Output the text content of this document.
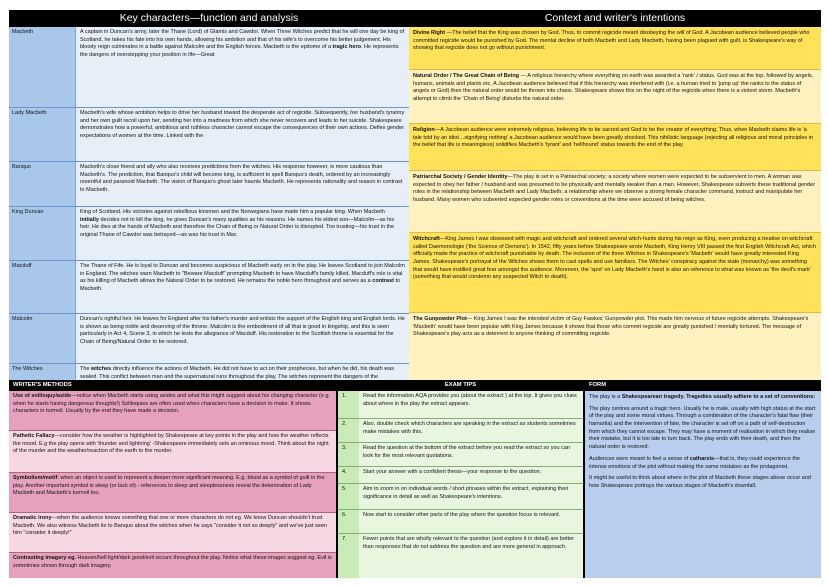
Key characters—function and analysis
Macbeth	A captain in Duncan's army, later the Thane (Lord) of Glamis and Cawdor. When Three Witches predict that he will one day be king of Scotland, he takes his fate into his own hands, allowing his ambition and that of his wife's to overcome his better judgement. His bloody reign culminates in a battle against Malcolm and the English forces. Macbeth is the epitome of a tragic hero. He represents the dangers of overstepping your position in life—Great
Lady Macbeth	Macbeth's wife whose ambition helps to drive her husband toward the desperate act of regicide. Subsequently, her husband's tyranny and her own guilt recoil upon her, sending her into a madness from which she never recovers and leads to her suicide. Shakespeare demonstrates how a powerful, ambitious and ruthless character cannot escape the consequences of their own actions. Defies gender expectations of women at the time. Linked with the
Banquo	Macbeth's close friend and ally who also receives predictions from the witches. His response however, is more cautious than Macbeth's. The prediction, that Banquo's child will become king, is sufficient to spell Banquo's death, ordered by an increasingly resentful and paranoid Macbeth. The vision of Banquo's ghost later haunts Macbeth. He represents rationality and reason in contrast to Macbeth.
King Duncan	King of Scotland. His victories against rebellious kinsmen and the Norwegians have made him a popular king. When Macbeth initially decides not to kill the king, he gives Duncan's many qualities as his reasons. He names his eldest son—Malcolm—as his heir. He dies at the hands of Macbeth and therefore the Chain of Being or Natural Order is disrupted. Too trusting—his trust in the original Thane of Cawdor was betrayed—as was his trust in Mac
Macduff	The Thane of Fife. He is loyal to Duncan and becomes suspicious of Macbeth early on in the play. He leaves Scotland to join Malcolm in England. The witches warn Macbeth to "Beware Macduff" prompting Macbeth to have Macduff's family killed. Macduff's role is vital as his killing of Macbeth allows the Natural Order to be restored. He remains the noble hero throughout and serves as a contrast to Macbeth.
Malcolm	Duncan's rightful heir. He leaves for England after his father's murder and enlists the support of the English king and English lords. He is shown as being noble and deserving of the throne. Malcolm is the embodiment of all that is good in kingship, and this is seen particularly in Act 4, Scene 3, in which he tests the allegiance of Macduff. His restoration to the Scottish throne is essential for the Chain of Being/Natural Order to be restored.
The Witches	The witches directly influence the actions of Macbeth. He did not have to act on their prophecies, but when he did, his death was sealed. This conflict between man and the supernatural runs throughout the play. The witches represent the dangers of the
Context and writer's intentions
Divine Right —The belief that the King was chosen by God. Thus, to commit regicide meant disobeying the will of God. A Jacobean audience believed people who committed regicide would be punished by God. The mental decline of both Macbeth and Lady Macbeth, having been plagued with guilt, is Shakespeare's way of showing that regicide does not go without punishment.
Natural Order / The Great Chain of Being — A religious hierarchy where everything on earth was awarded a 'rank' / status. God was at the top, followed by angels, humans, animals and plants etc. A Jacobean audience believed that if this hierarchy was interfered with (i.e. a human tried to 'jump up' the ranks to the status of angels or God) then the natural order would be thrown into chaos. Shakespeare shows this on the night of the regicide when there is a violent storm. Macbeth's attempt to climb the 'Chain of Being' disturbs the natural order.
Religion—A Jacobean audience were extremely religious, believing life to be sacred and God to be the creator of everything. Thus, when Macbeth claims life is 'a tale told by an idiot…signifying nothing' a Jacobean audience would have been greatly shocked. This nihilistic language (rejecting all religious and moral principles in the belief that life is meaningless) solidifies Macbeth's 'tyrant' and 'hellhound' status towards the end of the play.
Patriarchal Society / Gender Identity—The play is set in a Patriarchal society; a society where women were expected to be subservient to men. A woman was expected to obey her father / husband and was presumed to be physically and mentally weaker than a man. However, Shakespeare subverts these traditional gender roles in the relationship between Macbeth and Lady Macbeth; a relationship where we observe a strong female character command, instruct and manipulate her husband. Many women who subverted expected gender roles or conventions at the time were accused of being witches.
Witchcraft—King James I was obsessed with magic and witchcraft and ordered several witch-hunts during his reign as King, even producing a treatise on witchcraft called Daemonologie ('the Science of Demons'). In 1542, fifty years before Shakespeare wrote Macbeth, King Henry VIII passed the first English Witchcraft Act, which officially made the practice of witchcraft punishable by death. The inclusion of the three Witches in Shakespeare's 'Macbeth' would have greatly interested King James. Shakespeare's portrayal of the Witches shows them to cast spells and use familiars. The Witches' conspiracy against the state (monarchy) was something that would have instilled great fear amongst the audience. Moreover, the 'spot' on Lady Macbeth's hand is also an reference to what was known as 'the devil's mark' (something that would condemn any suspected Witch to death).
The Gunpowder Plot— King James I was the intended victim of Guy Fawkes' Gunpowder plot. This made him nervous of future regicide attempts. Shakespeare's 'Macbeth' would have been popular with King James because it shows that those who commit regicide are greatly punished / mentally tortured. The message of Shakespeare's play acts as a deterrent to anyone thinking of committing regicide.
WRITER'S METHODS
Use of soliloquy/aside—notice when Macbeth starts using asides and what this might suggest about his changing character (e.g when he starts having dangerous thoughts!) Soliloquies are often used when characters have a decision to make. It shows characters in turmoil. Usually by the end they have made a decision.
Pathetic Fallacy—consider how the weather is highlighted by Shakespeare at key points in the play and how the weather reflects the mood. E.g the play opens with 'thunder and lightning' -Shakespeare immediately sets an ominous mood. Think about the night of the murder and the weather/reaction of the earth to the murder.
Symbolism/motif: when an object is used to represent a deeper more significant meaning. E.g. blood as a symbol of guilt in the play. Another important symbol is sleep (or lack of) - references to sleep and sleeplessness reveal the deterioration of Lady Macbeth and Macbeth's turmoil too.
Dramatic irony—when the audience knows something that one or more characters do not eg. We know Duncan shouldn't trust Macbeth. We also witness Macbeth lie to Banquo about the witches when he says "consider it not so deeply" and we've just seen him "consider it deeply!"
Contrasting imagery eg. Heaven/hell light/dark good/evil occurs throughout the play. Notice what these images suggest eg. Evil is sometimes shown through dark imagery.
EXAM TIPS
1.	Read the information AQA provides you (about the extract ) at the top. It gives you clues about where in the play the extract appears.
2.	Also, double check which characters are speaking in the extract as students sometimes make mistakes with this.
3.	Read the question at the bottom of the extract before you read the extract so you can look for the most relevant quotations.
4.	Start your answer with a confident thesis—your response to the question.
5.	Aim to zoom in on individual words / short phrases within the extract, explaining their significance in detail as well as Shakespeare's intentions.
6.	Now start to consider other parts of the play where the question focus is relevant.
7.	Fewer points that are wholly relevant to the question (and explore it in detail) are better than responses that do not address the question and are more general in approach.
FORM

The play is a Shakespearean tragedy. Tragedies usually adhere to a set of conventions:

The play centres around a tragic hero. Usually he is male, usually with high status at the start of the play and some moral virtues. Through a combination of the character's fatal flaw (their hamartia) and the intervention of fate, the character is set off on a path of self-destruction from which they cannot escape. They may have a moment of realisation in which they realise their mistake, but it is too late to turn back. The play ends with their death, and then the natural order is restored.

Audiences were meant to feel a sense of catharsis—that is, they could experience the intense emotions of the plot without making the same mistakes as the protagonist.

It might be useful to think about where in the plot of Macbeth these stages above occur and how Shakespeare portrays the various stages of Macbeth's downfall.
